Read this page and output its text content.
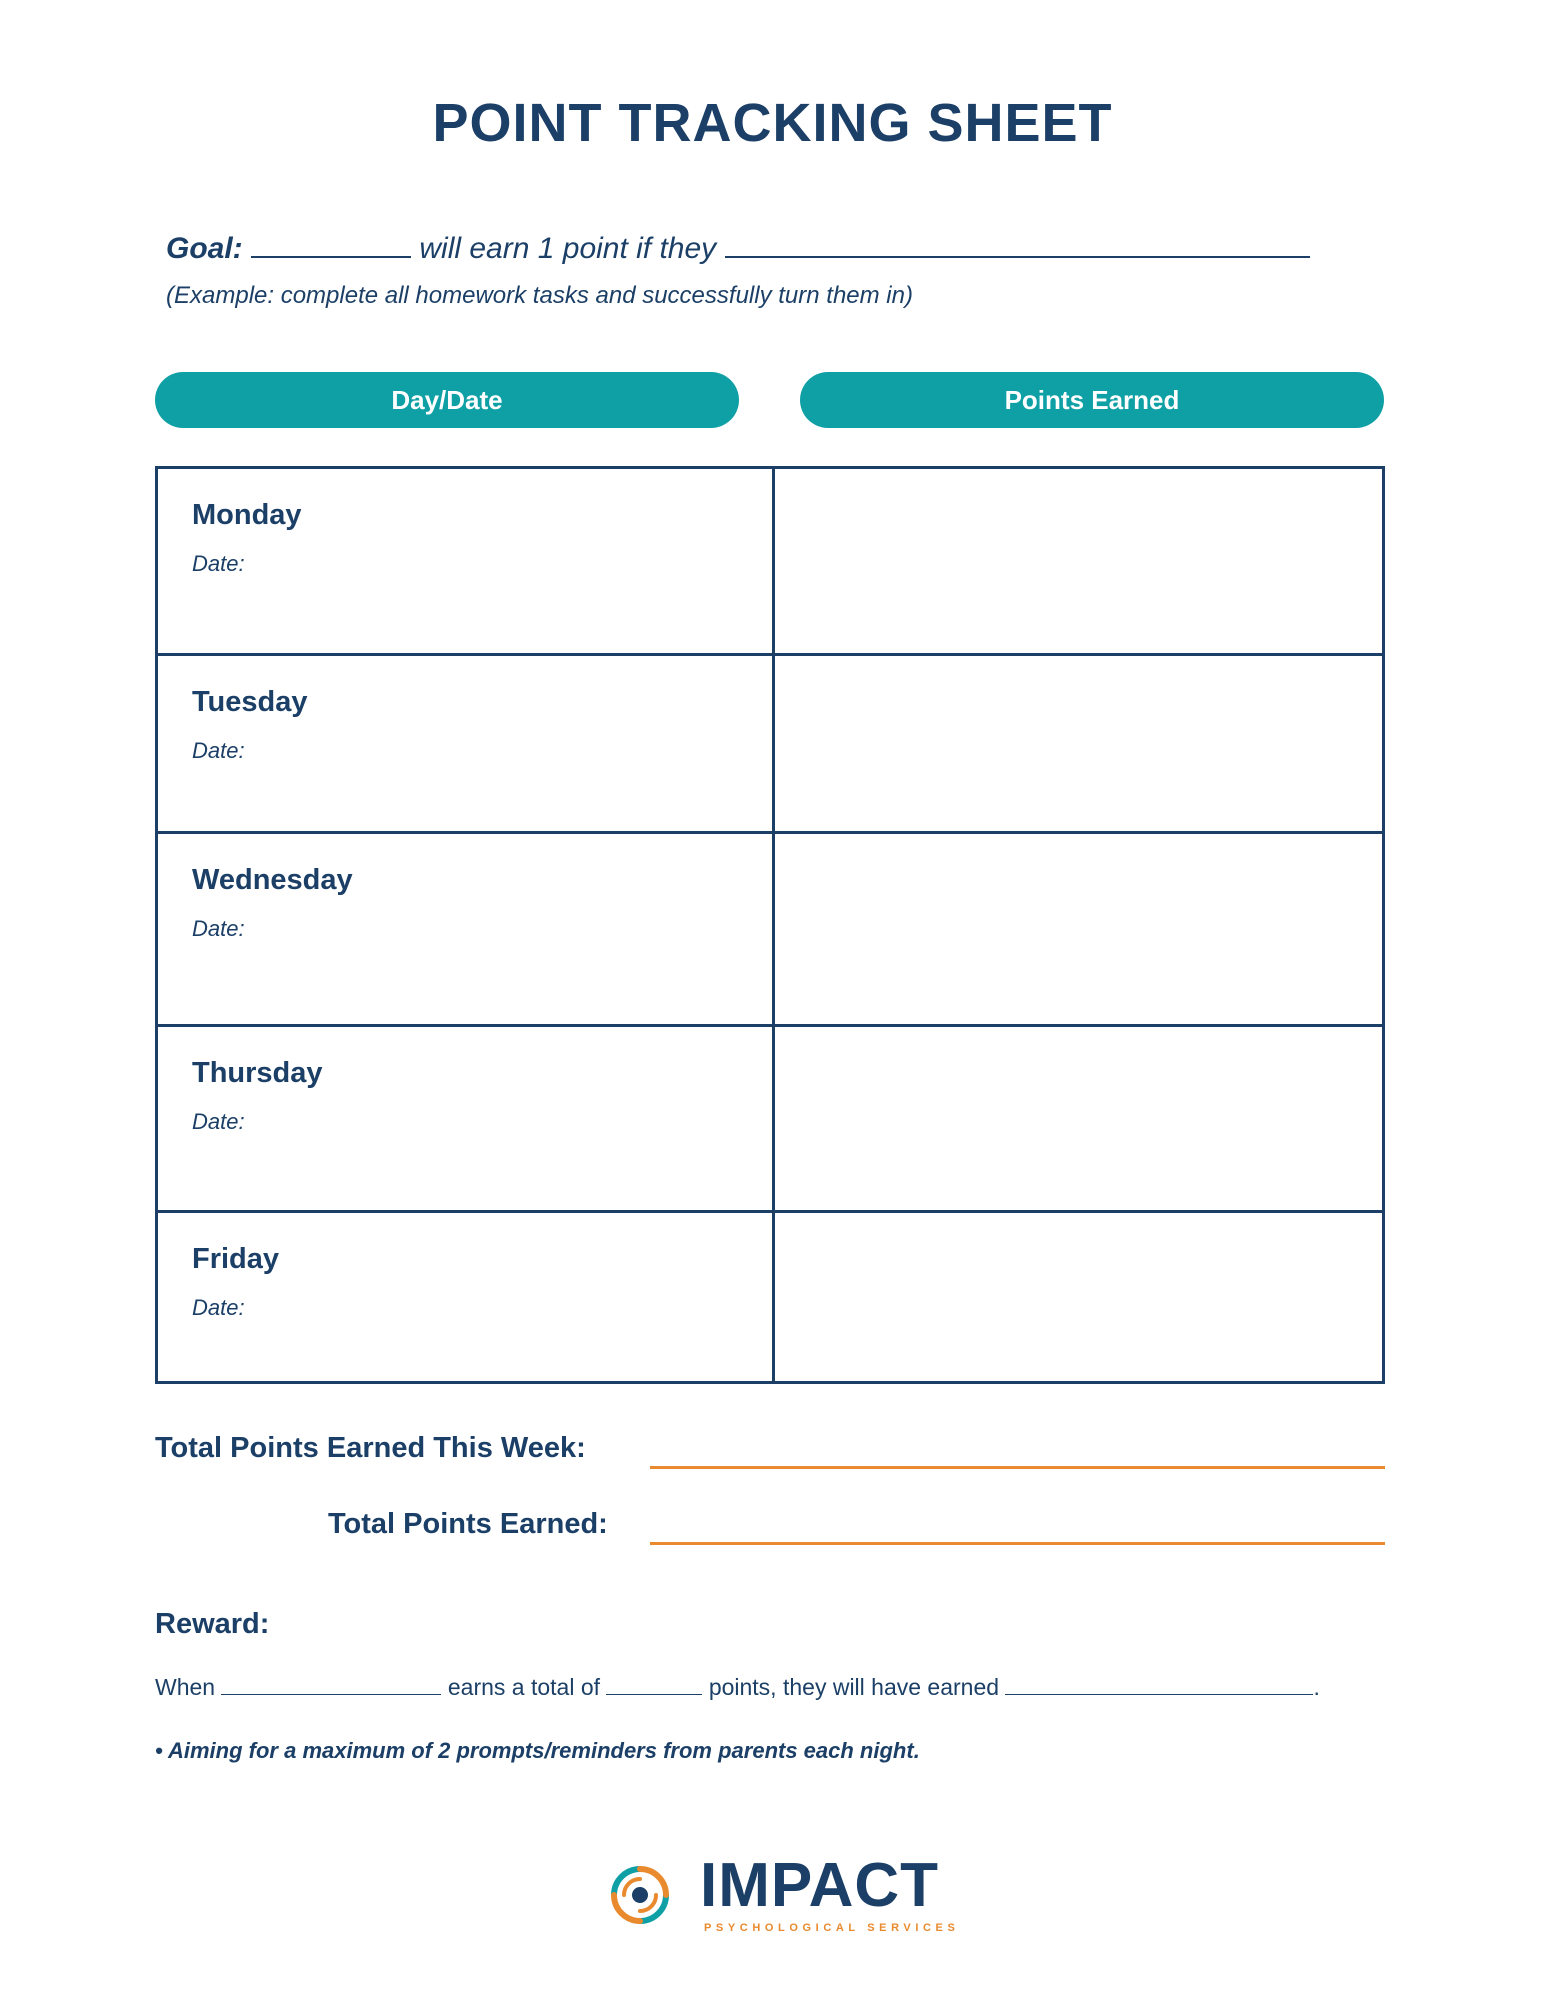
POINT TRACKING SHEET
Goal:	will earn 1 point if they
(Example: complete all homework tasks and successfully turn them in)
Day/Date	Points Earned
Monday
Date:
Tuesday
Date:
Wednesday
Date:
Thursday
Date:
Friday
Date:
Total Points Earned This Week:
Total Points Earned:
Reward:
When	earns a total of	points, they will have earned	.
• Aiming for a maximum of 2 prompts/reminders from parents each night.
IMPACT
PSYCHOLOGICAL SERVICES
